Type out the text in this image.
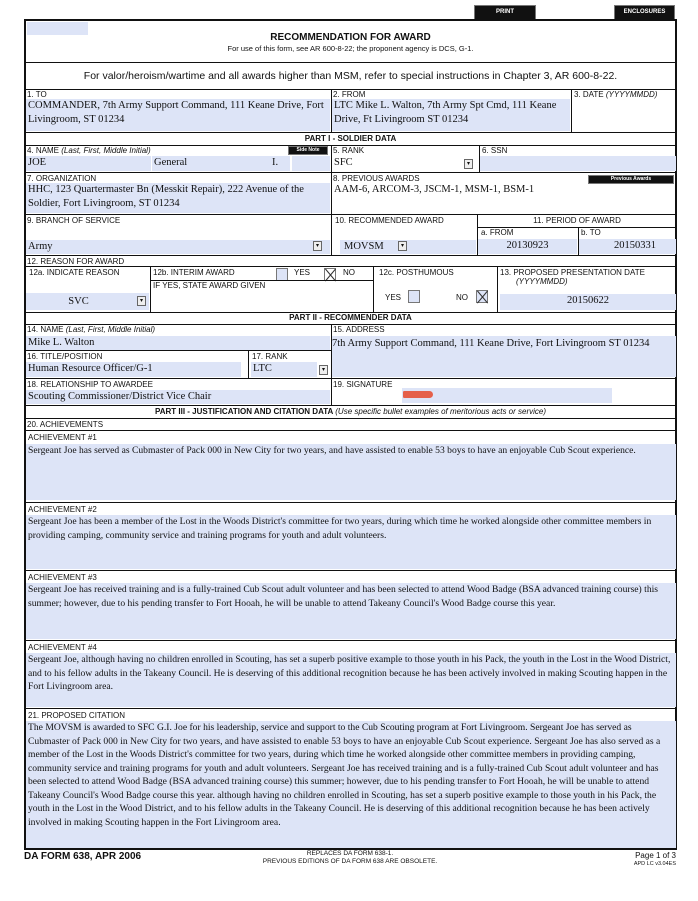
PRINT	ENCLOSURES
RECOMMENDATION FOR AWARD
For use of this form, see AR 600-8-22; the proponent agency is DCS, G-1.
For valor/heroism/wartime and all awards higher than MSM, refer to special instructions in Chapter 3, AR 600-8-22.
1. TO
COMMANDER, 7th Army Support Command, 111 Keane Drive, Fort Livingroom, ST 01234
2. FROM
LTC Mike L. Walton, 7th Army Spt Cmd, 111 Keane Drive, Ft Livingroom ST 01234
3. DATE (YYYYMMDD)
PART I - SOLDIER DATA
4. NAME (Last, First, Middle Initial)	Side Note
JOE	General	I.
5. RANK
SFC	▾
6. SSN
7. ORGANIZATION
HHC, 123 Quartermaster Bn (Messkit Repair), 222 Avenue of the Soldier, Fort Livingroom, ST 01234
8. PREVIOUS AWARDS	Previous Awards
AAM-6, ARCOM-3, JSCM-1, MSM-1, BSM-1
9. BRANCH OF SERVICE
Army	▾
10. RECOMMENDED AWARD
MOVSM	▾
11. PERIOD OF AWARD
a. FROM
20130923
b. TO
20150331
12. REASON FOR AWARD
12a. INDICATE REASON
SVC	▾
12b. INTERIM AWARD	YES	NO
IF YES, STATE AWARD GIVEN
12c. POSTHUMOUS
YES	NO
13. PROPOSED PRESENTATION DATE
(YYYYMMDD)
20150622
PART II - RECOMMENDER DATA
14. NAME (Last, First, Middle Initial)
Mike L. Walton
15. ADDRESS
7th Army Support Command, 111 Keane Drive, Fort Livingroom ST 01234
16. TITLE/POSITION
Human Resource Officer/G-1
17. RANK
LTC	▾
18. RELATIONSHIP TO AWARDEE
Scouting Commissioner/District Vice Chair
19. SIGNATURE
PART III - JUSTIFICATION AND CITATION DATA (Use specific bullet examples of meritorious acts or service)
20. ACHIEVEMENTS
ACHIEVEMENT #1
Sergeant Joe has served as Cubmaster of Pack 000 in New City for two years, and have assisted to enable 53 boys to have an enjoyable Cub Scout experience.
ACHIEVEMENT #2
Sergeant Joe has been a member of the Lost in the Woods District's committee for two years, during which time he worked alongside other committee members in providing camping, community service and training programs for youth and adult volunteers.
ACHIEVEMENT #3
Sergeant Joe has received training and is a fully-trained Cub Scout adult volunteer and has been selected to attend Wood Badge (BSA advanced training course) this summer; however, due to his pending transfer to Fort Hooah, he will be unable to attend Takeany Council's Wood Badge course this year.
ACHIEVEMENT #4
Sergeant Joe, although having no children enrolled in Scouting, has set a superb positive example to those youth in his Pack, the youth in the Lost in the Wood District, and to his fellow adults in the Takeany Council. He is deserving of this additional recognition because he has been actively involved in making Scouting happen in the Fort Livingroom area.
21. PROPOSED CITATION
The MOVSM is awarded to SFC G.I. Joe for his leadership, service and support to the Cub Scouting program at Fort Livingroom. Sergeant Joe has served as Cubmaster of Pack 000 in New City for two years, and have assisted to enable 53 boys to have an enjoyable Cub Scout experience. Sergeant Joe has also served as a member of the Lost in the Woods District's committee for two years, during which time he worked alongside other committee members in providing camping, community service and training programs for youth and adult volunteers. Sergeant Joe has received training and is a fully-trained Cub Scout adult volunteer and has been selected to attend Wood Badge (BSA advanced training course) this summer; however, due to his pending transfer to Fort Hooah, he will be unable to attend Takeany Council's Wood Badge course this year. although having no children enrolled in Scouting, has set a superb positive example to those youth in his Pack, the youth in the Lost in the Wood District, and to his fellow adults in the Takeany Council. He is deserving of this additional recognition because he has been actively involved in making Scouting happen in the Fort Livingroom area.
DA FORM 638, APR 2006	REPLACES DA FORM 638-1.
PREVIOUS EDITIONS OF DA FORM 638 ARE OBSOLETE.
Page 1 of 3
APD LC v3.04ES
